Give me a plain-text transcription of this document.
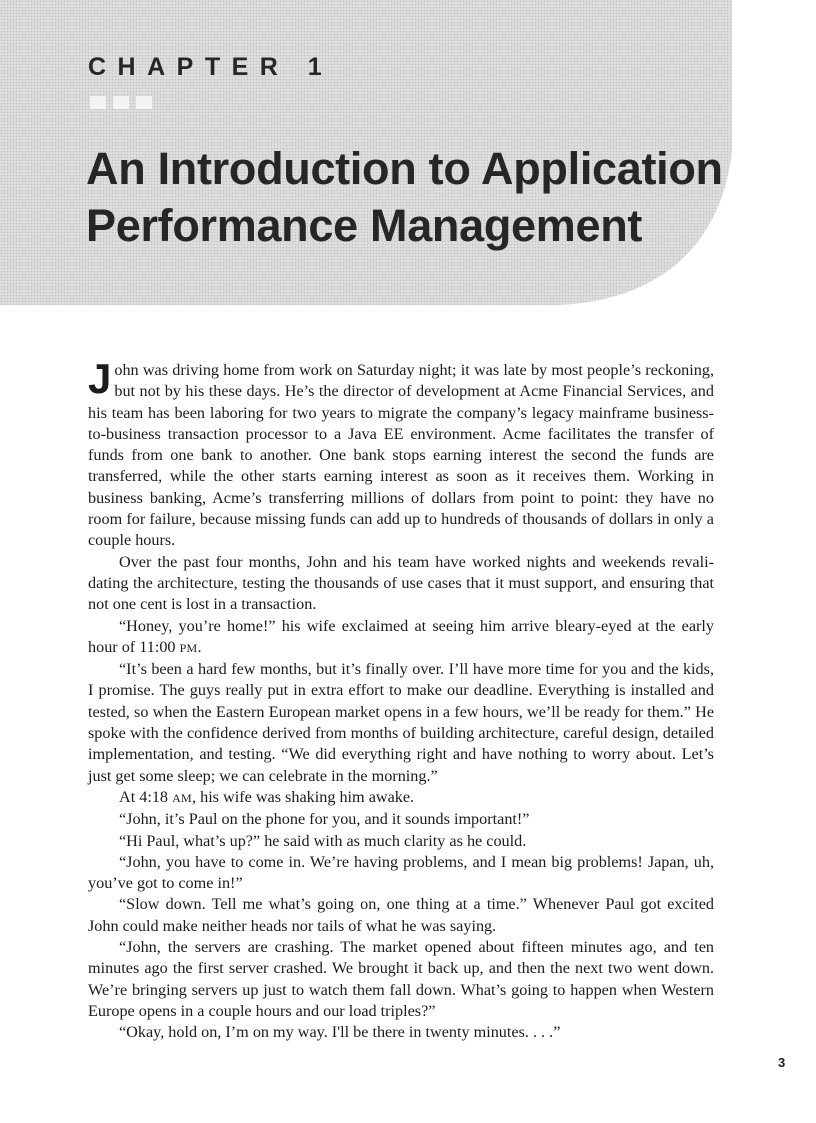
CHAPTER 1
An Introduction to Application Performance Management

John was driving home from work on Saturday night; it was late by most people’s reckoning, but not by his these days. He’s the director of development at Acme Financial Services, and his team has been laboring for two years to migrate the company’s legacy mainframe business-to-business transaction processor to a Java EE environment. Acme facilitates the transfer of funds from one bank to another. One bank stops earning interest the second the funds are transferred, while the other starts earning interest as soon as it receives them. Working in business banking, Acme’s transferring millions of dollars from point to point: they have no room for failure, because missing funds can add up to hundreds of thousands of dollars in only a couple hours.

Over the past four months, John and his team have worked nights and weekends revali-dating the architecture, testing the thousands of use cases that it must support, and ensuring that not one cent is lost in a transaction.

“Honey, you’re home!” his wife exclaimed at seeing him arrive bleary-eyed at the early hour of 11:00 PM.

“It’s been a hard few months, but it’s finally over. I’ll have more time for you and the kids, I promise. The guys really put in extra effort to make our deadline. Everything is installed and tested, so when the Eastern European market opens in a few hours, we’ll be ready for them.” He spoke with the confidence derived from months of building architecture, careful design, detailed implementation, and testing. “We did everything right and have nothing to worry about. Let’s just get some sleep; we can celebrate in the morning.”

At 4:18 AM, his wife was shaking him awake.

“John, it’s Paul on the phone for you, and it sounds important!”

“Hi Paul, what’s up?” he said with as much clarity as he could.

“John, you have to come in. We’re having problems, and I mean big problems! Japan, uh, you’ve got to come in!”

“Slow down. Tell me what’s going on, one thing at a time.” Whenever Paul got excited John could make neither heads nor tails of what he was saying.

“John, the servers are crashing. The market opened about fifteen minutes ago, and ten minutes ago the first server crashed. We brought it back up, and then the next two went down. We’re bringing servers up just to watch them fall down. What’s going to happen when Western Europe opens in a couple hours and our load triples?”

“Okay, hold on, I’m on my way. I'll be there in twenty minutes. . . .”

3
